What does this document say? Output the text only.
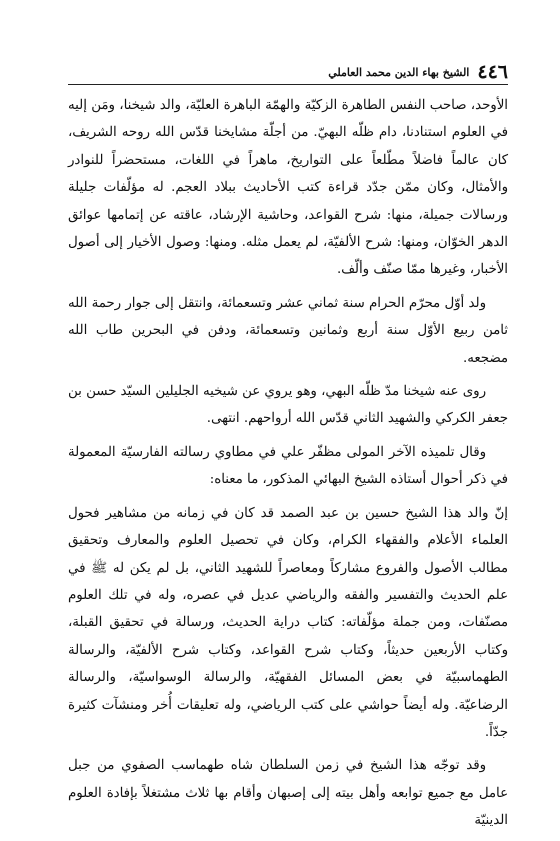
٤٤٦
الشيخ بهاء الدين محمد العاملي

الأوحد، صاحب النفس الطاهرة الزكيّة والهمّة الباهرة العليّة، والد شيخنا، ومَن إليه في العلوم استنادنا، دام ظلّه البهيّ. من أجلّة مشايخنا قدّس الله روحه الشريف، كان عالماً فاضلاً مطّلعاً على التواريخ، ماهراً في اللغات، مستحضراً للنوادر والأمثال، وكان ممّن جدّد قراءة كتب الأحاديث ببلاد العجم. له مؤلّفات جليلة ورسالات جميلة، منها: شرح القواعد، وحاشية الإرشاد، عاقته عن إتمامها عوائق الدهر الخوّان، ومنها: شرح الألفيّة، لم يعمل مثله. ومنها: وصول الأخيار إلى أصول الأخبار، وغيرها ممّا صنّف وألّف.

ولد أوّل محرّم الحرام سنة ثماني عشر وتسعمائة، وانتقل إلى جوار رحمة الله ثامن ربيع الأوّل سنة أربع وثمانين وتسعمائة، ودفن في البحرين طاب الله مضجعه.

روى عنه شيخنا مدّ ظلّه البهي، وهو يروي عن شيخيه الجليلين السيّد حسن بن جعفر الكركي والشهيد الثاني قدّس الله أرواحهم. انتهى.

وقال تلميذه الآخر المولى مظفّر علي في مطاوي رسالته الفارسيّة المعمولة في ذكر أحوال أستاذه الشيخ البهائي المذكور، ما معناه:

إنّ والد هذا الشيخ حسين بن عبد الصمد قد كان في زمانه من مشاهير فحول العلماء الأعلام والفقهاء الكرام، وكان في تحصيل العلوم والمعارف وتحقيق مطالب الأصول والفروع مشاركاً ومعاصراً للشهيد الثاني، بل لم يكن له ﷺ في علم الحديث والتفسير والفقه والرياضي عديل في عصره، وله في تلك العلوم مصنّفات، ومن جملة مؤلّفاته: كتاب دراية الحديث، ورسالة في تحقيق القبلة، وكتاب الأربعين حديثاً، وكتاب شرح القواعد، وكتاب شرح الألفيّة، والرسالة الطهماسبيّة في بعض المسائل الفقهيّة، والرسالة الوسواسيّة، والرسالة الرضاعيّة. وله أيضاً حواشي على كتب الرياضي، وله تعليقات أُخر ومنشآت كثيرة جدّاً.

وقد توجّه هذا الشيخ في زمن السلطان شاه طهماسب الصفوي من جبل عامل مع جميع توابعه وأهل بيته إلى إصبهان وأقام بها ثلاث مشتغلاً بإفادة العلوم الدينيّة
